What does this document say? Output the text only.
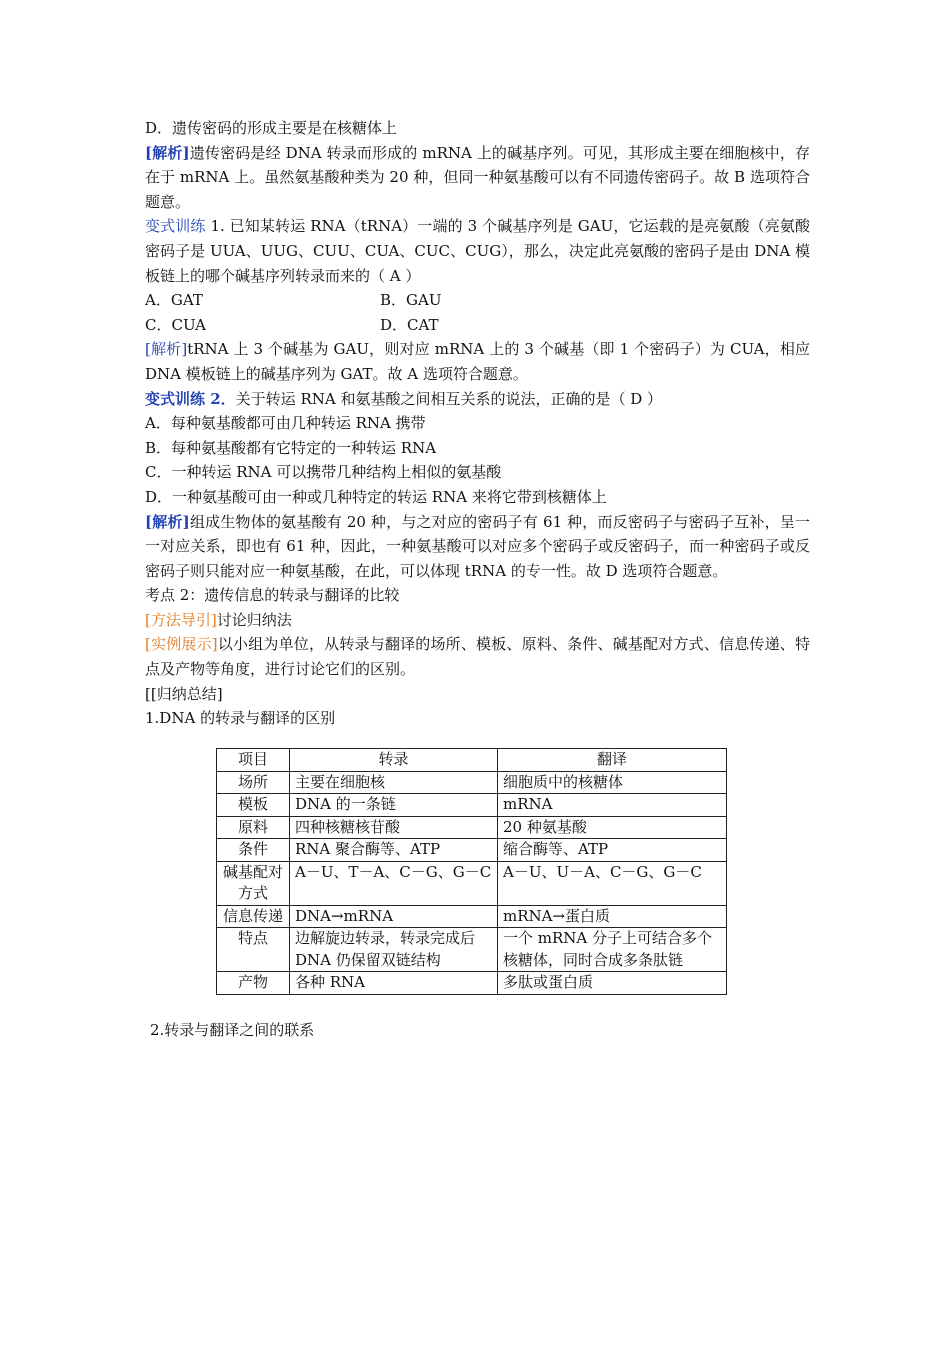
D．遗传密码的形成主要是在核糖体上
[解析]遗传密码是经 DNA 转录而形成的 mRNA 上的碱基序列。可见，其形成主要在细胞核中，存在于 mRNA 上。虽然氨基酸种类为 20 种，但同一种氨基酸可以有不同遗传密码子。故 B 选项符合题意。
变式训练 1. 已知某转运 RNA（tRNA）一端的 3 个碱基序列是 GAU，它运载的是亮氨酸（亮氨酸密码子是 UUA、UUG、CUU、CUA、CUC、CUG），那么，决定此亮氨酸的密码子是由 DNA 模板链上的哪个碱基序列转录而来的（ A ）
A．GAT	B．GAU
C．CUA	D．CAT
[解析]tRNA 上 3 个碱基为 GAU，则对应 mRNA 上的 3 个碱基（即 1 个密码子）为 CUA，相应 DNA 模板链上的碱基序列为 GAT。故 A 选项符合题意。
变式训练 2．关于转运 RNA 和氨基酸之间相互关系的说法，正确的是（ D ）
A．每种氨基酸都可由几种转运 RNA 携带
B．每种氨基酸都有它特定的一种转运 RNA
C．一种转运 RNA 可以携带几种结构上相似的氨基酸
D．一种氨基酸可由一种或几种特定的转运 RNA 来将它带到核糖体上
[解析]组成生物体的氨基酸有 20 种，与之对应的密码子有 61 种，而反密码子与密码子互补，呈一一对应关系，即也有 61 种，因此，一种氨基酸可以对应多个密码子或反密码子，而一种密码子或反密码子则只能对应一种氨基酸，在此，可以体现 tRNA 的专一性。故 D 选项符合题意。
考点 2：遗传信息的转录与翻译的比较
[方法导引]讨论归纳法
[实例展示]以小组为单位，从转录与翻译的场所、模板、原料、条件、碱基配对方式、信息传递、特点及产物等角度，进行讨论它们的区别。
[[归纳总结]
1.DNA 的转录与翻译的区别
项目	转录	翻译
场所	主要在细胞核	细胞质中的核糖体
模板	DNA 的一条链	mRNA
原料	四种核糖核苷酸	20 种氨基酸
条件	RNA 聚合酶等、ATP	缩合酶等、ATP
碱基配对方式	A－U、T－A、C－G、G－C	A－U、U－A、C－G、G－C
信息传递	DNA→mRNA	mRNA→蛋白质
特点	边解旋边转录，转录完成后 DNA 仍保留双链结构	一个 mRNA 分子上可结合多个核糖体，同时合成多条肽链
产物	各种 RNA	多肽或蛋白质
2.转录与翻译之间的联系
